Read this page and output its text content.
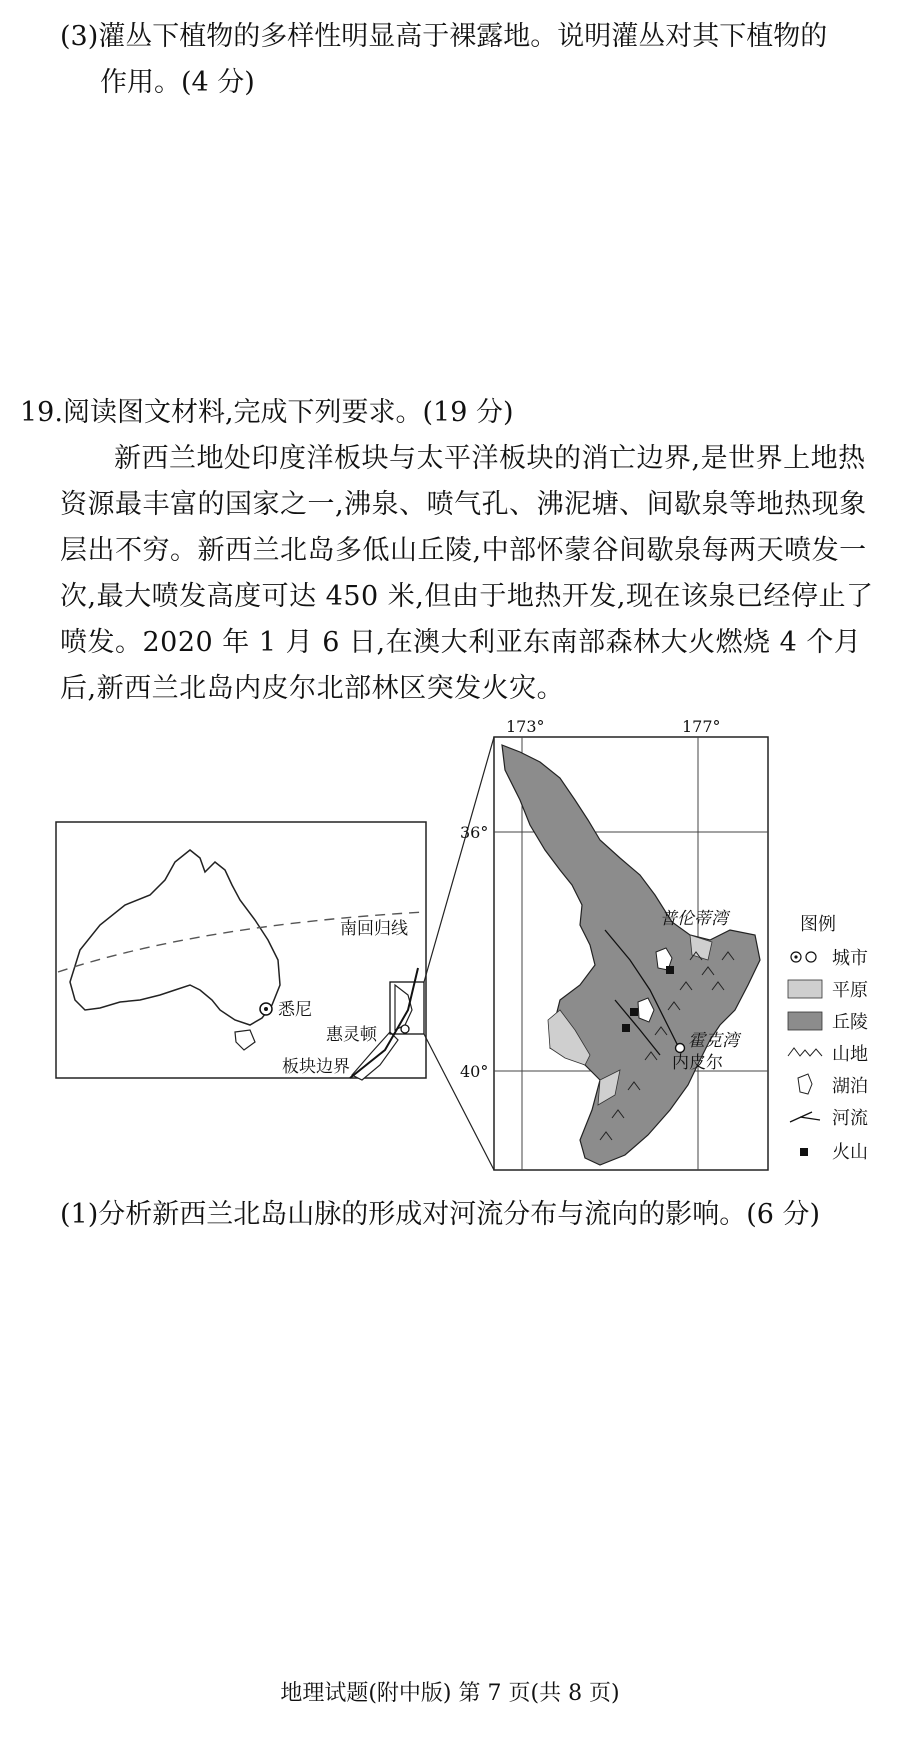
(3)灌丛下植物的多样性明显高于裸露地。说明灌丛对其下植物的
作用。(4 分)
19.阅读图文材料,完成下列要求。(19 分)
新西兰地处印度洋板块与太平洋板块的消亡边界,是世界上地热资源最丰富的国家之一,沸泉、喷气孔、沸泥塘、间歇泉等地热现象层出不穷。新西兰北岛多低山丘陵,中部怀蒙谷间歇泉每两天喷发一次,最大喷发高度可达 450 米,但由于地热开发,现在该泉已经停止了喷发。2020 年 1 月 6 日,在澳大利亚东南部森林大火燃烧 4 个月后,新西兰北岛内皮尔北部林区突发火灾。
南回归线
悉尼
惠灵顿
板块边界
173°	177°
36°
40°
普伦蒂湾
霍克湾
内皮尔
图例
城市
平原
丘陵
山地
湖泊
河流
火山
(1)分析新西兰北岛山脉的形成对河流分布与流向的影响。(6 分)
地理试题(附中版) 第 7 页(共 8 页)
